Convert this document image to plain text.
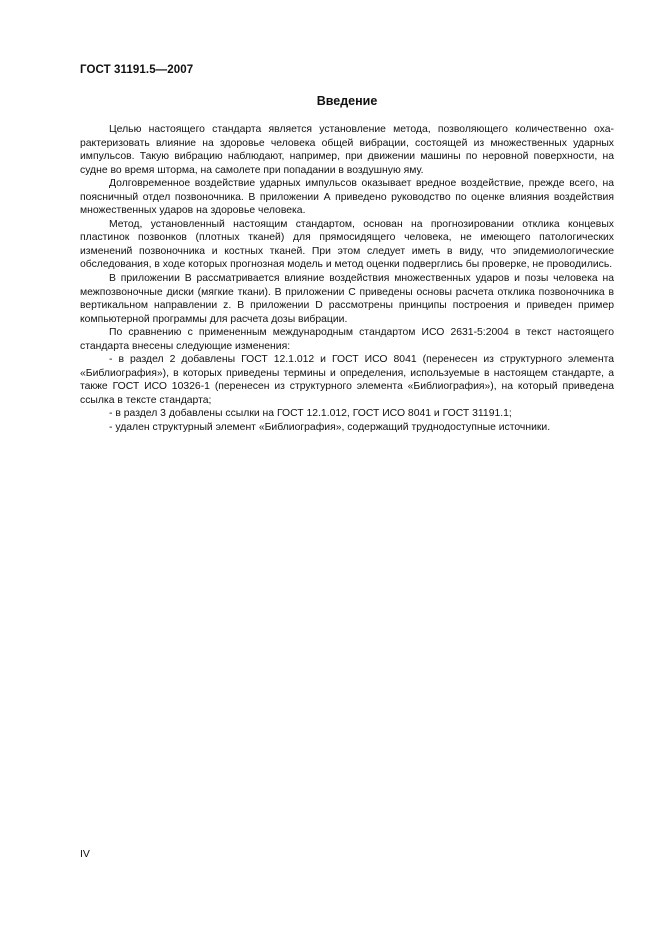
ГОСТ 31191.5—2007
Введение

Целью настоящего стандарта является установление метода, позволяющего количественно охарактеризовать влияние на здоровье человека общей вибрации, состоящей из множественных ударных импульсов. Такую вибрацию наблюдают, например, при движении машины по неровной поверхности, на судне во время шторма, на самолете при попадании в воздушную яму.

Долговременное воздействие ударных импульсов оказывает вредное воздействие, прежде всего, на поясничный отдел позвоночника. В приложении А приведено руководство по оценке влияния воздействия множественных ударов на здоровье человека.

Метод, установленный настоящим стандартом, основан на прогнозировании отклика концевых пластинок позвонков (плотных тканей) для прямосидящего человека, не имеющего патологических изменений позвоночника и костных тканей. При этом следует иметь в виду, что эпидемиологические обследования, в ходе которых прогнозная модель и метод оценки подверглись бы проверке, не проводились.

В приложении В рассматривается влияние воздействия множественных ударов и позы человека на межпозвоночные диски (мягкие ткани). В приложении С приведены основы расчета отклика позвоночника в вертикальном направлении z. В приложении D рассмотрены принципы построения и приведен пример компьютерной программы для расчета дозы вибрации.

По сравнению с примененным международным стандартом ИСО 2631-5:2004 в текст настоящего стандарта внесены следующие изменения:

- в раздел 2 добавлены ГОСТ 12.1.012 и ГОСТ ИСО 8041 (перенесен из структурного элемента «Библиография»), в которых приведены термины и определения, используемые в настоящем стандарте, а также ГОСТ ИСО 10326-1 (перенесен из структурного элемента «Библиография»), на который приведена ссылка в тексте стандарта;

- в раздел 3 добавлены ссылки на ГОСТ 12.1.012, ГОСТ ИСО 8041 и ГОСТ 31191.1;

- удален структурный элемент «Библиография», содержащий труднодоступные источники.

IV
